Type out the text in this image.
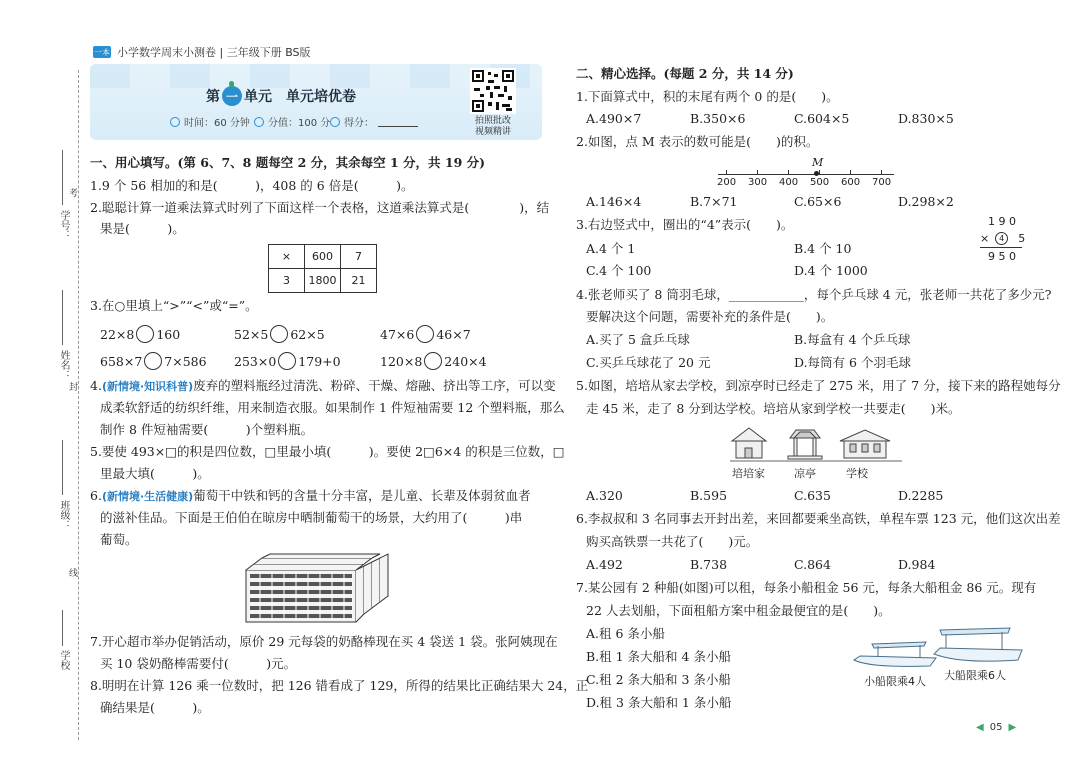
一本 小学数学周末小测卷 | 三年级下册 BS版
学号：
考
姓名：
封
班级：
线
学校
第 一 单元　单元培优卷
时间：60 分钟 分值：100 分 得分：	拍照批改
视频精讲
一、用心填写。(第 6、7、8 题每空 2 分，其余每空 1 分，共 19 分)
1.9 个 56 相加的和是(　　　)，408 的 6 倍是(　　　)。
2.聪聪计算一道乘法算式时列了下面这样一个表格，这道乘法算式是(　　　　)，结
果是(　　　)。
×	600	7
3	1800	21
3.在○里填上“>”“<”或“=”。
22×8 160	52×5 62×5	47×6 46×7
658×7 7×586 253×0 179+0	120×8 240×4
4.(新情境·知识科普)废弃的塑料瓶经过清洗、粉碎、干燥、熔融、挤出等工序，可以变
成柔软舒适的纺织纤维，用来制造衣服。如果制作 1 件短袖需要 12 个塑料瓶，那么
制作 8 件短袖需要(　　　)个塑料瓶。
5.要使 493×□的积是四位数，□里最小填(　　　)。要使 2□6×4 的积是三位数，□
里最大填(　　　)。
6.(新情境·生活健康)葡萄干中铁和钙的含量十分丰富，是儿童、长辈及体弱贫血者
的滋补佳品。下面是王伯伯在晾房中晒制葡萄干的场景，大约用了(　　　)串
葡萄。
7.开心超市举办促销活动，原价 29 元每袋的奶酪棒现在买 4 袋送 1 袋。张阿姨现在
买 10 袋奶酪棒需要付(　　　)元。
8.明明在计算 126 乘一位数时，把 126 错看成了 129，所得的结果比正确结果大 24，正
确结果是(　　　)。
二、精心选择。(每题 2 分，共 14 分)
1.下面算式中，积的末尾有两个 0 的是(　　)。
A.490×7	B.350×6	C.604×5	D.830×5
2.如图，点 M 表示的数可能是(　　)的积。
M
200 300 400 500 600 700
A.146×4	B.7×71	C.65×6	D.298×2
3.右边竖式中，圈出的“4”表示(　　)。	1 9 0
×	4	5
9 5 0
A.4 个 1	B.4 个 10
C.4 个 100	D.4 个 1000
4.张老师买了 8 筒羽毛球，____________，每个乒乓球 4 元，张老师一共花了多少元?
要解决这个问题，需要补充的条件是(　　)。
A.买了 5 盒乒乓球	B.每盒有 4 个乒乓球
C.买乒乓球花了 20 元	D.每筒有 6 个羽毛球
5.如图，培培从家去学校，到凉亭时已经走了 275 米，用了 7 分，接下来的路程她每分
走 45 米，走了 8 分到达学校。培培从家到学校一共要走(　　)米。
培培家	凉亭	学校
A.320	B.595	C.635	D.2285
6.李叔叔和 3 名同事去开封出差，来回都要乘坐高铁，单程车票 123 元，他们这次出差
购买高铁票一共花了(　　)元。
A.492	B.738	C.864	D.984
7.某公园有 2 种船(如图)可以租，每条小船租金 56 元，每条大船租金 86 元。现有
22 人去划船，下面租船方案中租金最便宜的是(　　)。
A.租 6 条小船
B.租 1 条大船和 4 条小船
C.租 2 条大船和 3 条小船
D.租 3 条大船和 1 条小船
小船限乘4人 大船限乘6人
◀ 05 ▶
